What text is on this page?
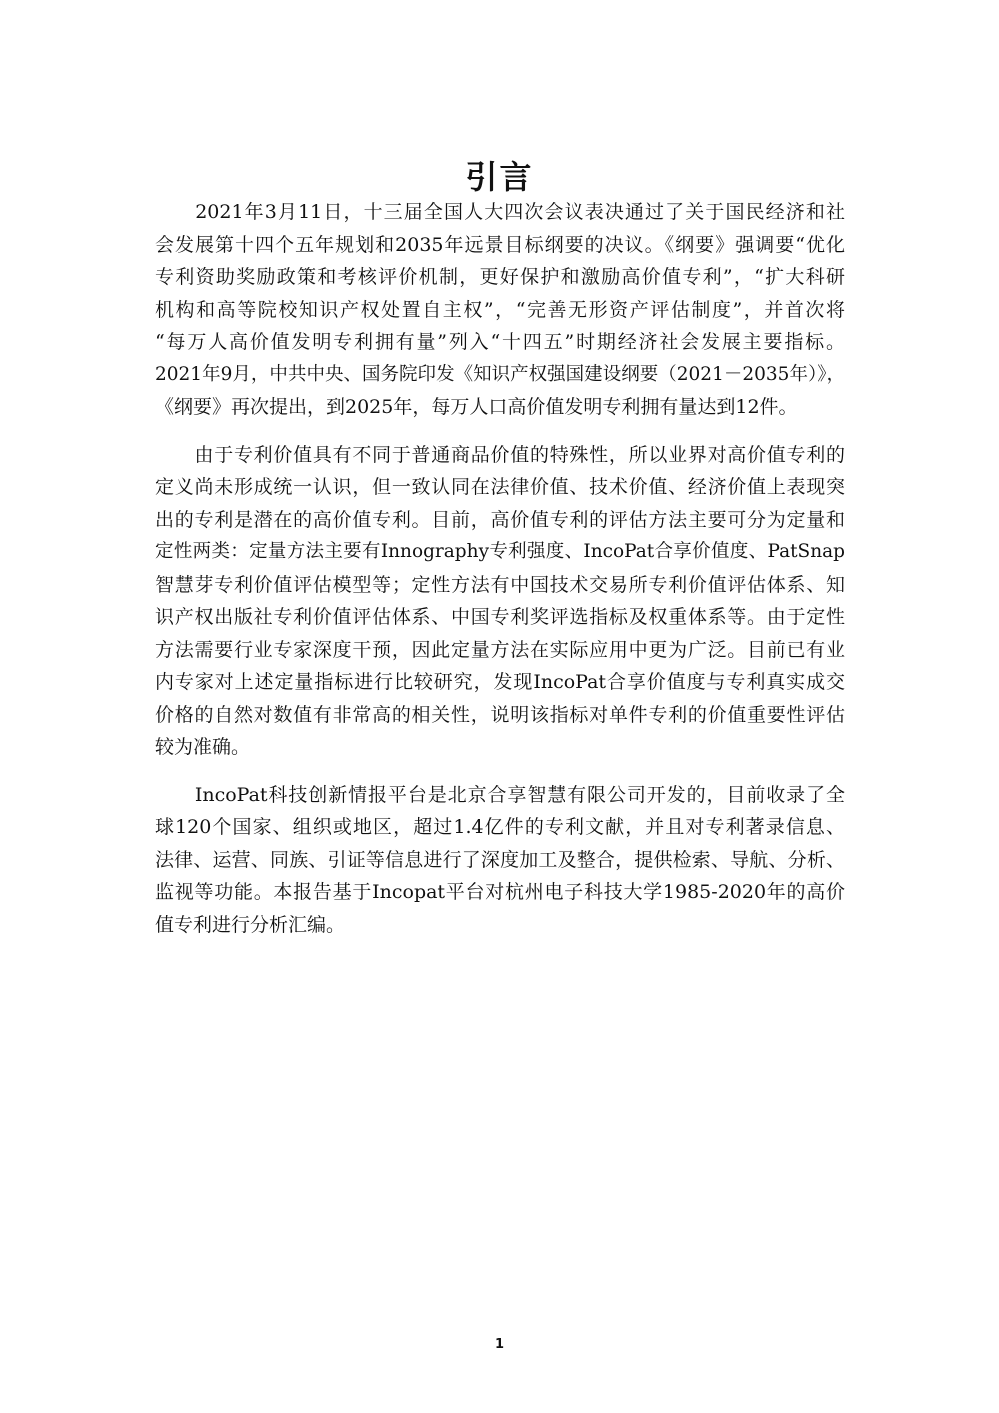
引言

　　2021年3月11日，十三届全国人大四次会议表决通过了关于国民经济和社
会发展第十四个五年规划和2035年远景目标纲要的决议。《纲要》强调要“优化
专利资助奖励政策和考核评价机制，更好保护和激励高价值专利”，“扩大科研
机构和高等院校知识产权处置自主权”，“完善无形资产评估制度”，并首次将
“每万人高价值发明专利拥有量”列入“十四五”时期经济社会发展主要指标。
2021年9月，中共中央、国务院印发《知识产权强国建设纲要（2021－2035年）》，
《纲要》再次提出，到2025年，每万人口高价值发明专利拥有量达到12件。

　　由于专利价值具有不同于普通商品价值的特殊性，所以业界对高价值专利的
定义尚未形成统一认识，但一致认同在法律价值、技术价值、经济价值上表现突
出的专利是潜在的高价值专利。目前，高价值专利的评估方法主要可分为定量和
定性两类：定量方法主要有Innography专利强度、IncoPat合享价值度、PatSnap
智慧芽专利价值评估模型等；定性方法有中国技术交易所专利价值评估体系、知
识产权出版社专利价值评估体系、中国专利奖评选指标及权重体系等。由于定性
方法需要行业专家深度干预，因此定量方法在实际应用中更为广泛。目前已有业
内专家对上述定量指标进行比较研究，发现IncoPat合享价值度与专利真实成交
价格的自然对数值有非常高的相关性，说明该指标对单件专利的价值重要性评估
较为准确。

　　IncoPat科技创新情报平台是北京合享智慧有限公司开发的，目前收录了全
球120个国家、组织或地区，超过1.4亿件的专利文献，并且对专利著录信息、
法律、运营、同族、引证等信息进行了深度加工及整合，提供检索、导航、分析、
监视等功能。本报告基于Incopat平台对杭州电子科技大学1985-2020年的高价
值专利进行分析汇编。

1
